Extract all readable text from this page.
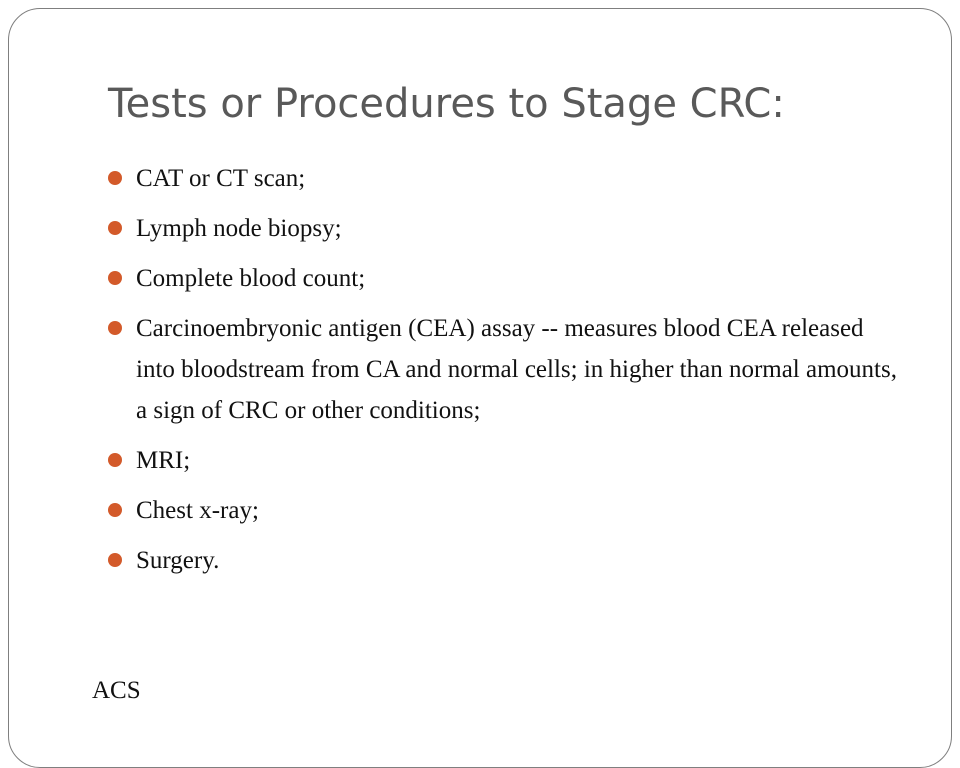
Tests or Procedures to Stage CRC:
CAT or CT scan;
Lymph node biopsy;
Complete blood count;
Carcinoembryonic antigen (CEA) assay -- measures blood CEA released into bloodstream from CA and normal cells; in higher than normal amounts, a sign of CRC or other conditions;
MRI;
Chest x-ray;
Surgery.
ACS
